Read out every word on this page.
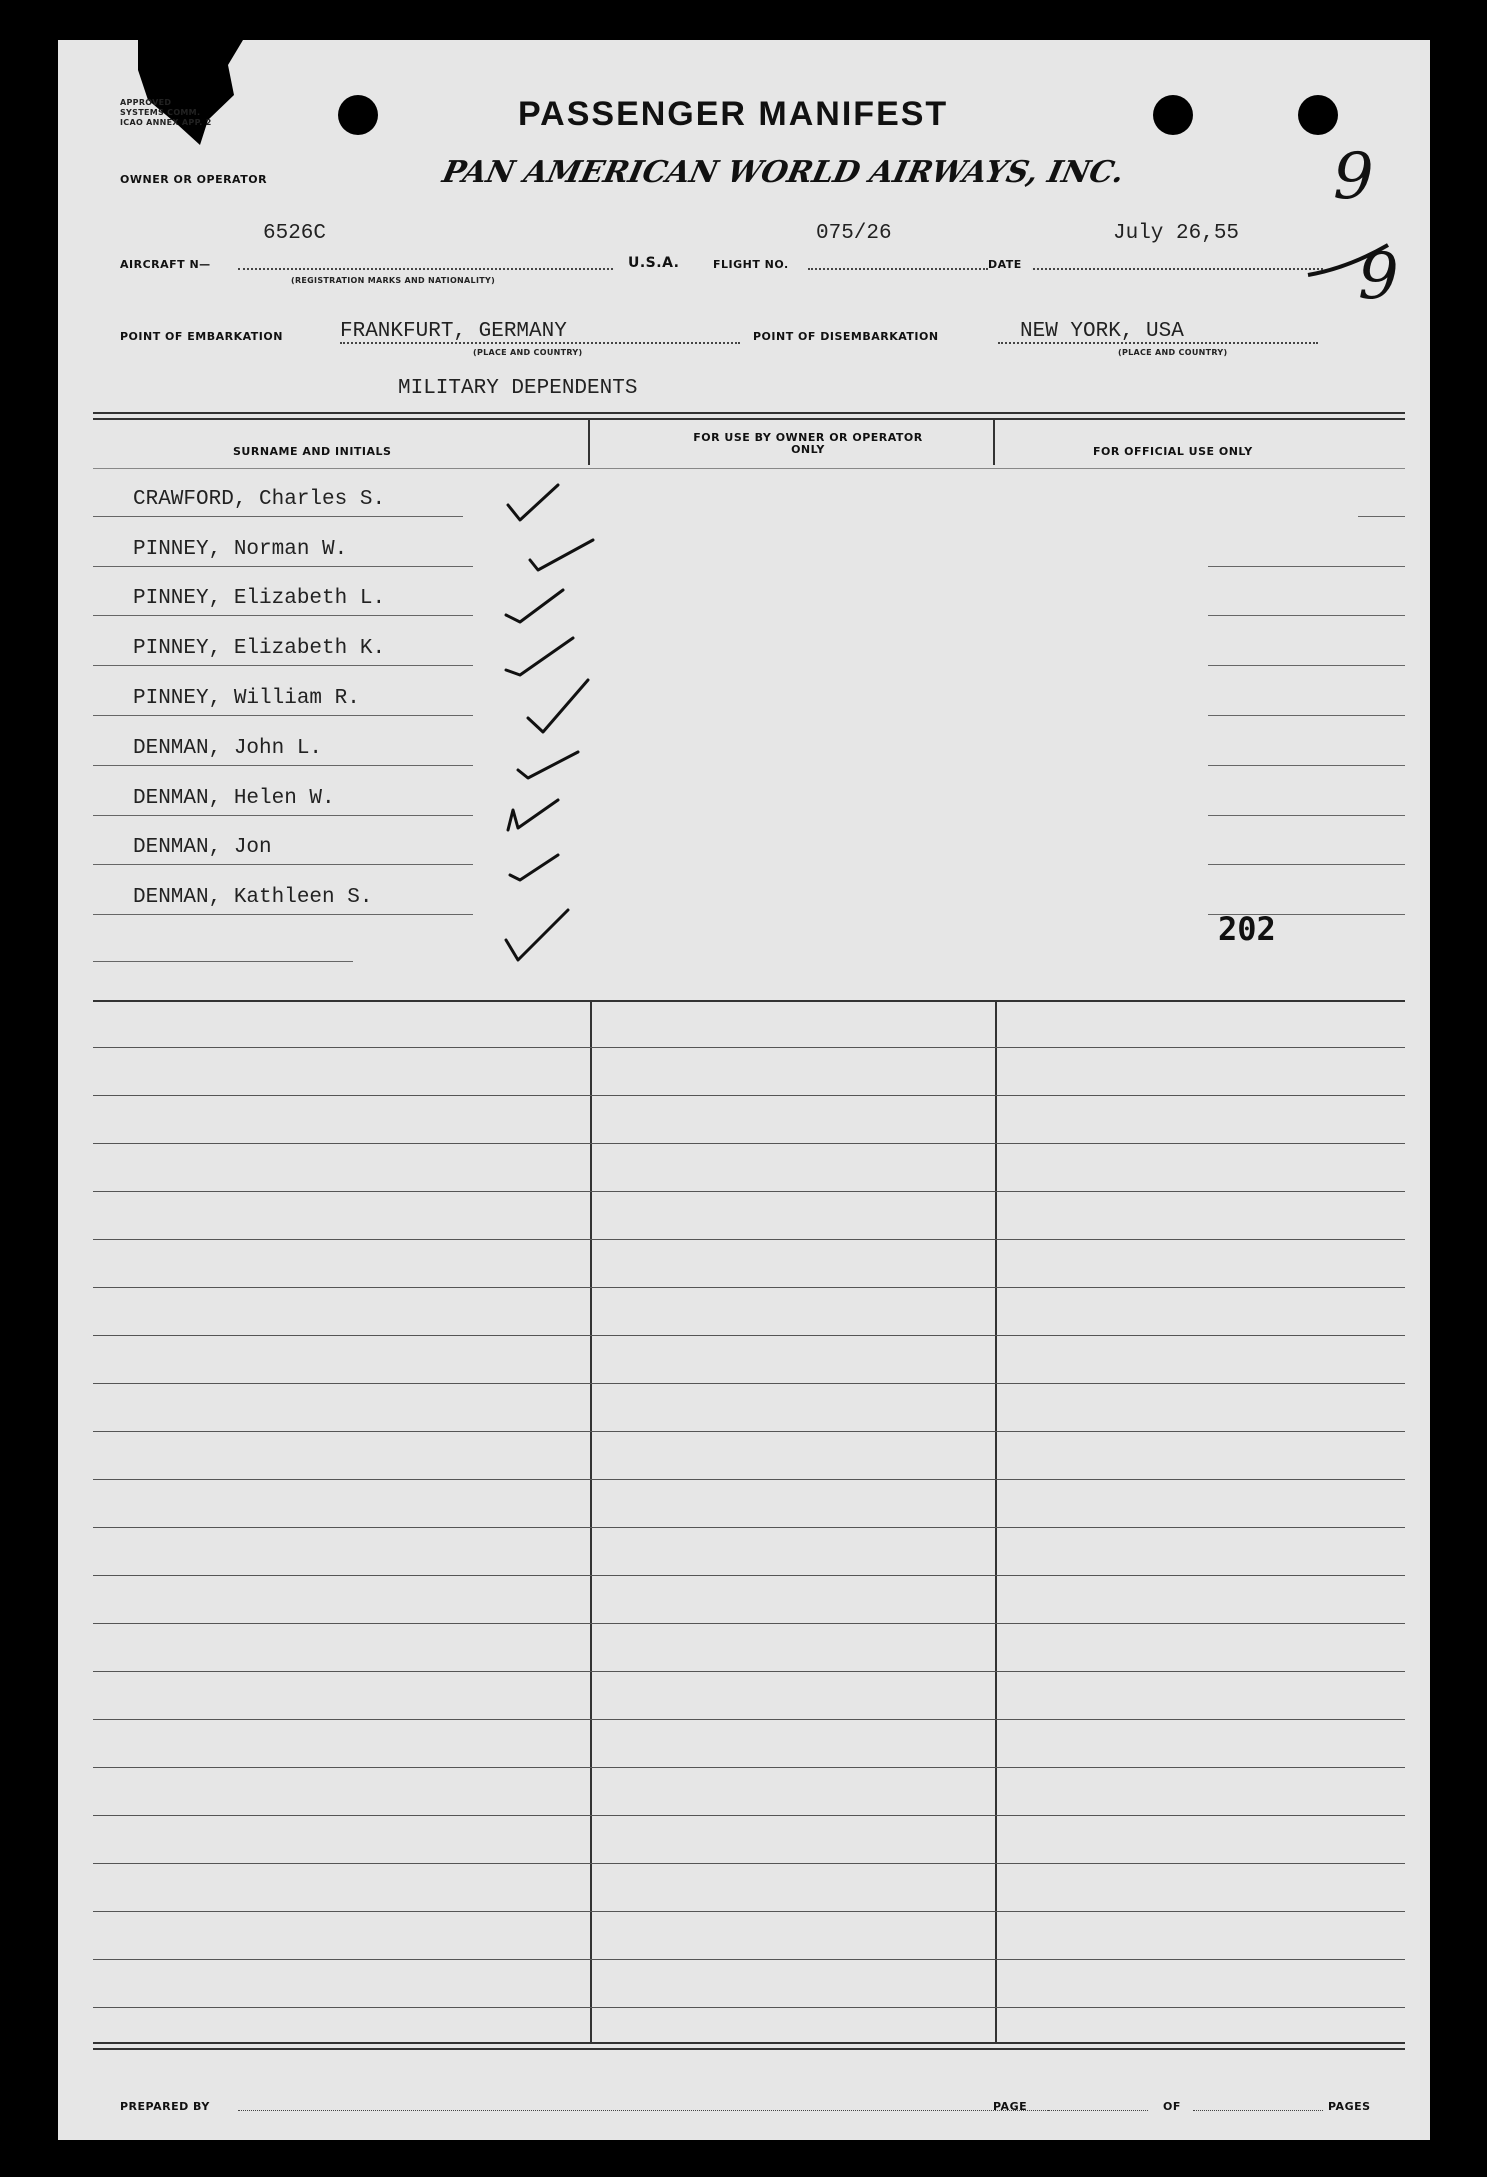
APPROVED
SYSTEMS COMM.
ICAO ANNEX APP. 2	PASSENGER MANIFEST
OWNER OR OPERATOR	PAN AMERICAN WORLD AIRWAYS, INC.	9
9
AIRCRAFT N—
6526C
(REGISTRATION MARKS AND NATIONALITY)
U.S.A.	FLIGHT NO.
075/26
DATE
July 26,55
POINT OF EMBARKATION	FRANKFURT, GERMANY
(PLACE AND COUNTRY)
POINT OF DISEMBARKATION	NEW YORK, USA
(PLACE AND COUNTRY)
MILITARY DEPENDENTS
SURNAME AND INITIALS
FOR USE BY OWNER OR OPERATOR ONLY	FOR OFFICIAL USE ONLY
CRAWFORD, Charles S.
PINNEY, Norman W.
PINNEY, Elizabeth L.
PINNEY, Elizabeth K.
PINNEY, William R.
DENMAN, John L.
DENMAN, Helen W.
DENMAN, Jon
DENMAN, Kathleen S.
202
PREPARED BY	PAGE	OF	PAGES
